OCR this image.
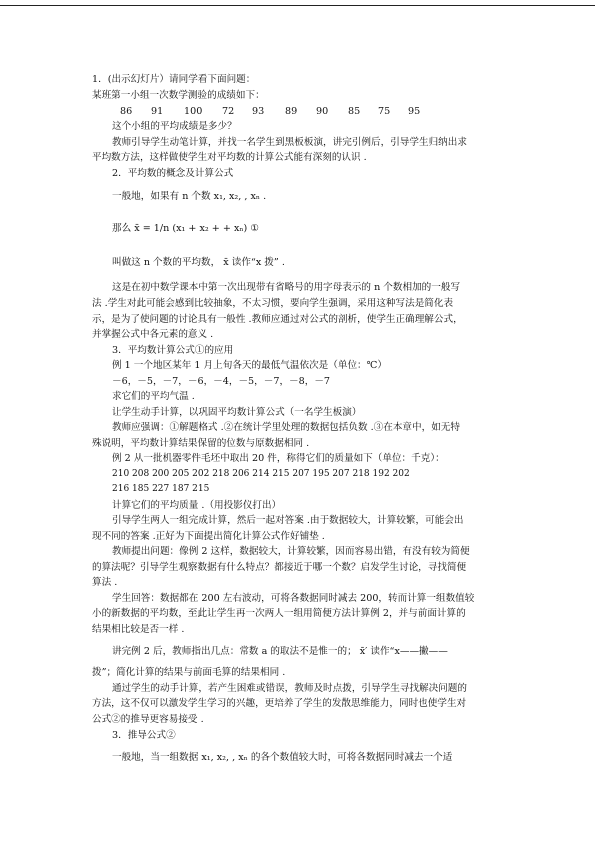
1．(出示幻灯片）请同学看下面问题：
某班第一小组一次数学测验的成绩如下：
86 91 100 72 93 89 90 85 75 95
这个小组的平均成绩是多少？
教师引导学生动笔计算，并找一名学生到黑板板演，讲完引例后，引导学生归纳出求
平均数方法，这样做使学生对平均数的计算公式能有深刻的认识 .
2．平均数的概念及计算公式
一般地，如果有 n 个数 x₁, x₂, , xₙ .
那么 x̄ = 1/n (x₁ + x₂ + + xₙ) ①
叫做这 n 个数的平均数， x̄ 读作“x 拨” .
这是在初中数学课本中第一次出现带有省略号的用字母表示的 n 个数相加的一般写
法 .学生对此可能会感到比较抽象，不太习惯，要向学生强调，采用这种写法是简化表
示，是为了使问题的讨论具有一般性 .教师应通过对公式的剖析，使学生正确理解公式，
并掌握公式中各元素的意义 .
3．平均数计算公式①的应用
例 1 一个地区某年 1 月上旬各天的最低气温依次是（单位：℃）
－6，－5，－7，－6，－4，－5，－7，－8，－7
求它们的平均气温 .
让学生动手计算，以巩固平均数计算公式（一名学生板演）
教师应强调：①解题格式 .②在统计学里处理的数据包括负数 .③在本章中，如无特
殊说明，平均数计算结果保留的位数与原数据相同 .
例 2 从一批机器零件毛坯中取出 20 件，称得它们的质量如下（单位：千克）：
210 208 200 205 202 218 206 214 215 207 195 207 218 192 202
216 185 227 187 215
计算它们的平均质量 .（用投影仪打出）
引导学生两人一组完成计算，然后一起对答案 .由于数据较大，计算较繁，可能会出
现不同的答案 .正好为下面提出简化计算公式作好铺垫 .
教师提出问题：像例 2 这样，数据较大，计算较繁，因而容易出错，有没有较为简便
的算法呢？引导学生观察数据有什么特点？都接近于哪一个数？启发学生讨论，寻找简便
算法 .
学生回答：数据都在 200 左右波动，可将各数据同时减去 200，转而计算一组数值较
小的新数据的平均数，至此让学生再一次两人一组用简便方法计算例 2，并与前面计算的
结果相比较是否一样 .
讲完例 2 后，教师指出几点：常数 a 的取法不是惟一的； x̄′ 读作“x——撇——
拨”；简化计算的结果与前面毛算的结果相同 .
通过学生的动手计算，若产生困难或错误，教师及时点拨，引导学生寻找解决问题的
方法，这不仅可以激发学生学习的兴趣，更培养了学生的发散思维能力，同时也使学生对
公式②的推导更容易接受 .
3．推导公式②
一般地，当一组数据 x₁, x₂, , xₙ 的各个数值较大时，可将各数据同时减去一个适
